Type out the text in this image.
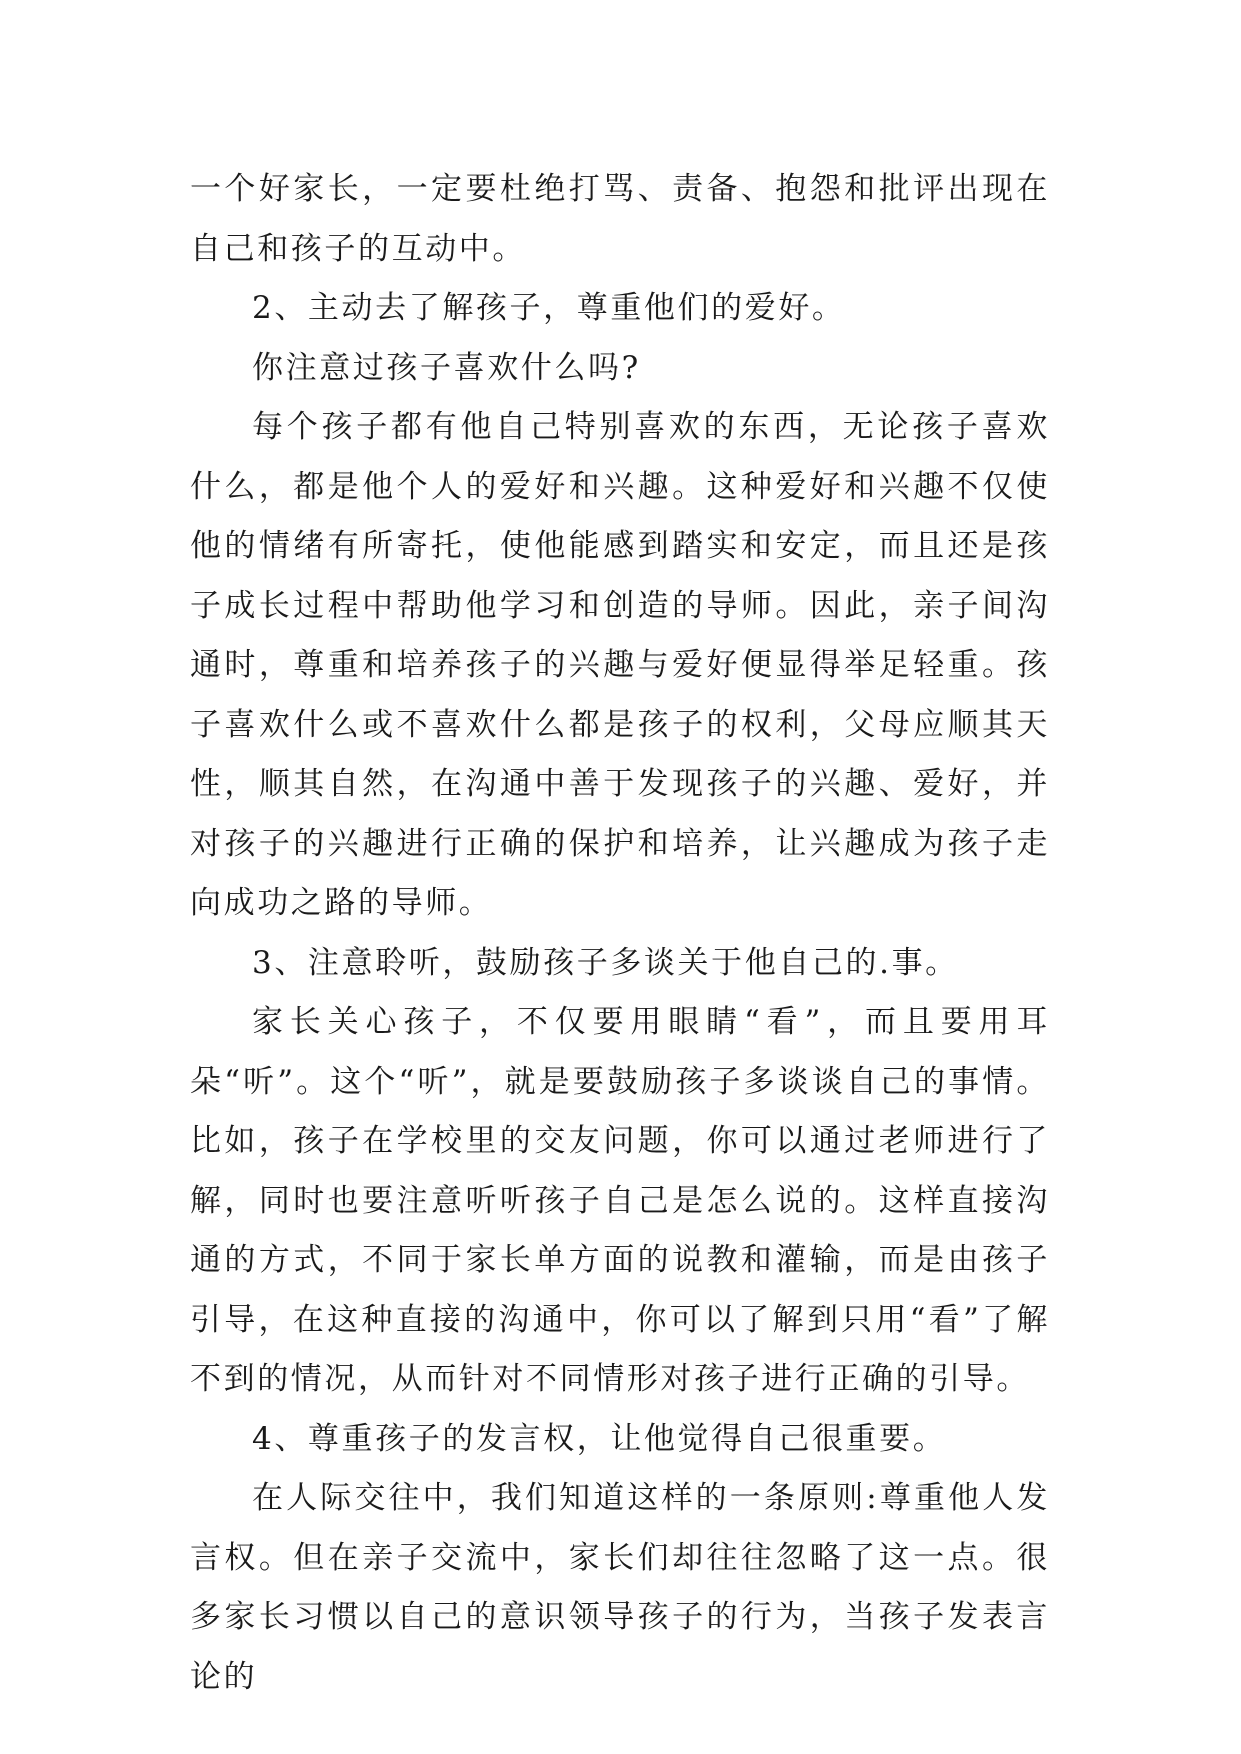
一个好家长，一定要杜绝打骂、责备、抱怨和批评出现在自己和孩子的互动中。

2、主动去了解孩子，尊重他们的爱好。

你注意过孩子喜欢什么吗?

每个孩子都有他自己特别喜欢的东西，无论孩子喜欢什么，都是他个人的爱好和兴趣。这种爱好和兴趣不仅使他的情绪有所寄托，使他能感到踏实和安定，而且还是孩子成长过程中帮助他学习和创造的导师。因此，亲子间沟通时，尊重和培养孩子的兴趣与爱好便显得举足轻重。孩子喜欢什么或不喜欢什么都是孩子的权利，父母应顺其天性，顺其自然，在沟通中善于发现孩子的兴趣、爱好，并对孩子的兴趣进行正确的保护和培养，让兴趣成为孩子走向成功之路的导师。

3、注意聆听，鼓励孩子多谈关于他自己的.事。

家长关心孩子，不仅要用眼睛“看”，而且要用耳朵“听”。这个“听”，就是要鼓励孩子多谈谈自己的事情。比如，孩子在学校里的交友问题，你可以通过老师进行了解，同时也要注意听听孩子自己是怎么说的。这样直接沟通的方式，不同于家长单方面的说教和灌输，而是由孩子引导，在这种直接的沟通中，你可以了解到只用“看”了解不到的情况，从而针对不同情形对孩子进行正确的引导。

4、尊重孩子的发言权，让他觉得自己很重要。

在人际交往中，我们知道这样的一条原则:尊重他人发言权。但在亲子交流中，家长们却往往忽略了这一点。很多家长习惯以自己的意识领导孩子的行为，当孩子发表言论的
